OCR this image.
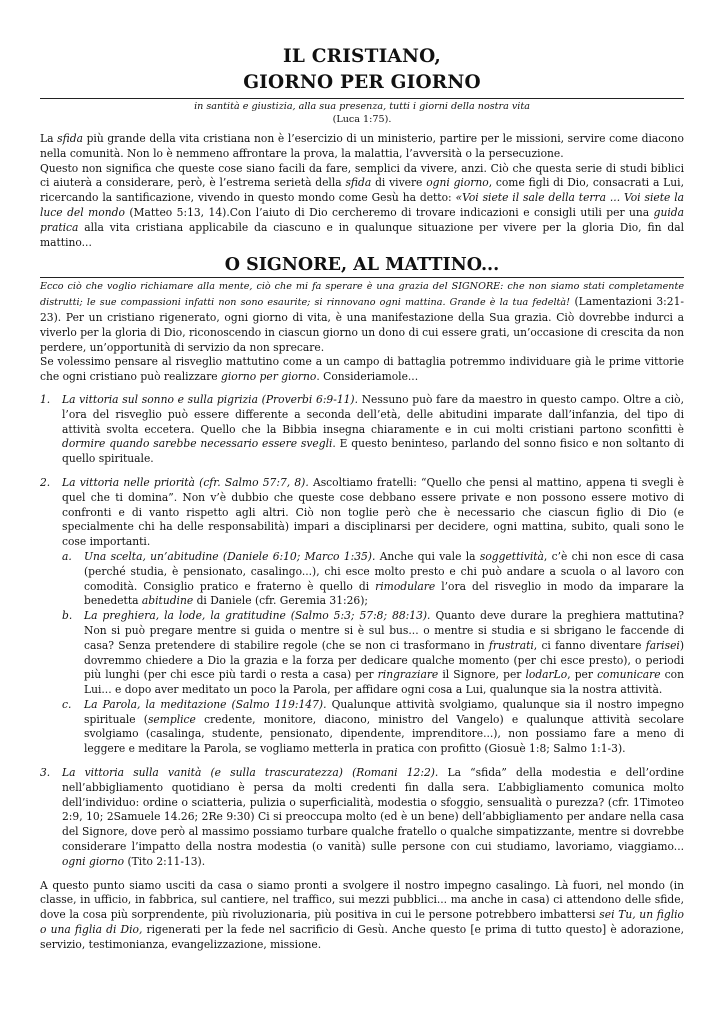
IL CRISTIANO,
GIORNO PER GIORNO

in santità e giustizia, alla sua presenza, tutti i giorni della nostra vita

(Luca 1:75).

La sfida più grande della vita cristiana non è l’esercizio di un ministerio, partire per le missioni, servire come diacono nella comunità. Non lo è nemmeno affrontare la prova, la malattia, l’avversità o la persecuzione.

Questo non significa che queste cose siano facili da fare, semplici da vivere, anzi. Ciò che questa serie di studi biblici ci aiuterà a considerare, però, è l’estrema serietà della sfida di vivere ogni giorno, come figli di Dio, consacrati a Lui, ricercando la santificazione, vivendo in questo mondo come Gesù ha detto: «Voi siete il sale della terra ... Voi siete la luce del mondo (Matteo 5:13, 14).Con l’aiuto di Dio cercheremo di trovare indicazioni e consigli utili per una guida pratica alla vita cristiana applicabile da ciascuno e in qualunque situazione per vivere per la gloria Dio, fin dal mattino...

O SIGNORE, AL MATTINO...

Ecco ciò che voglio richiamare alla mente, ciò che mi fa sperare è una grazia del SIGNORE: che non siamo stati completamente distrutti; le sue compassioni infatti non sono esaurite; si rinnovano ogni mattina. Grande è la tua fedeltà! (Lamentazioni 3:21-23). Per un cristiano rigenerato, ogni giorno di vita, è una manifestazione della Sua grazia. Ciò dovrebbe indurci a viverlo per la gloria di Dio, riconoscendo in ciascun giorno un dono di cui essere grati, un’occasione di crescita da non perdere, un’opportunità di servizio da non sprecare.

Se volessimo pensare al risveglio mattutino come a un campo di battaglia potremmo individuare già le prime vittorie che ogni cristiano può realizzare giorno per giorno. Consideriamole...

1. La vittoria sul sonno e sulla pigrizia (Proverbi 6:9-11). Nessuno può fare da maestro in questo campo. Oltre a ciò, l’ora del risveglio può essere differente a seconda dell’età, delle abitudini imparate dall’infanzia, del tipo di attività svolta eccetera. Quello che la Bibbia insegna chiaramente e in cui molti cristiani partono sconfitti è dormire quando sarebbe necessario essere svegli. E questo beninteso, parlando del sonno fisico e non soltanto di quello spirituale.

2. La vittoria nelle priorità (cfr. Salmo 57:7, 8). Ascoltiamo fratelli: “Quello che pensi al mattino, appena ti svegli è quel che ti domina”. Non v’è dubbio che queste cose debbano essere private e non possono essere motivo di confronti e di vanto rispetto agli altri. Ciò non toglie però che è necessario che ciascun figlio di Dio (e specialmente chi ha delle responsabilità) impari a disciplinarsi per decidere, ogni mattina, subito, quali sono le cose importanti.

a. Una scelta, un’abitudine (Daniele 6:10; Marco 1:35). Anche qui vale la soggettività, c’è chi non esce di casa (perché studia, è pensionato, casalingo...), chi esce molto presto e chi può andare a scuola o al lavoro con comodità. Consiglio pratico e fraterno è quello di rimodulare l’ora del risveglio in modo da imparare la benedetta abitudine di Daniele (cfr. Geremia 31:26);

b. La preghiera, la lode, la gratitudine (Salmo 5:3; 57:8; 88:13). Quanto deve durare la preghiera mattutina? Non si può pregare mentre si guida o mentre si è sul bus... o mentre si studia e si sbrigano le faccende di casa? Senza pretendere di stabilire regole (che se non ci trasformano in frustrati, ci fanno diventare farisei) dovremmo chiedere a Dio la grazia e la forza per dedicare qualche momento (per chi esce presto), o periodi più lunghi (per chi esce più tardi o resta a casa) per ringraziare il Signore, per lodarLo, per comunicare con Lui... e dopo aver meditato un poco la Parola, per affidare ogni cosa a Lui, qualunque sia la nostra attività.

c. La Parola, la meditazione (Salmo 119:147). Qualunque attività svolgiamo, qualunque sia il nostro impegno spirituale (semplice credente, monitore, diacono, ministro del Vangelo) e qualunque attività secolare svolgiamo (casalinga, studente, pensionato, dipendente, imprenditore...), non possiamo fare a meno di leggere e meditare la Parola, se vogliamo metterla in pratica con profitto (Giosuè 1:8; Salmo 1:1-3).

3. La vittoria sulla vanità (e sulla trascuratezza) (Romani 12:2). La “sfida” della modestia e dell’ordine nell’abbigliamento quotidiano è persa da molti credenti fin dalla sera. L’abbigliamento comunica molto dell’individuo: ordine o sciatteria, pulizia o superficialità, modestia o sfoggio, sensualità o purezza? (cfr. 1Timoteo 2:9, 10; 2Samuele 14.26; 2Re 9:30) Ci si preoccupa molto (ed è un bene) dell’abbigliamento per andare nella casa del Signore, dove però al massimo possiamo turbare qualche fratello o qualche simpatizzante, mentre si dovrebbe considerare l’impatto della nostra modestia (o vanità) sulle persone con cui studiamo, lavoriamo, viaggiamo... ogni giorno (Tito 2:11-13).

A questo punto siamo usciti da casa o siamo pronti a svolgere il nostro impegno casalingo. Là fuori, nel mondo (in classe, in ufficio, in fabbrica, sul cantiere, nel traffico, sui mezzi pubblici... ma anche in casa) ci attendono delle sfide, dove la cosa più sorprendente, più rivoluzionaria, più positiva in cui le persone potrebbero imbattersi sei Tu, un figlio o una figlia di Dio, rigenerati per la fede nel sacrificio di Gesù. Anche questo [e prima di tutto questo] è adorazione, servizio, testimonianza, evangelizzazione, missione.
